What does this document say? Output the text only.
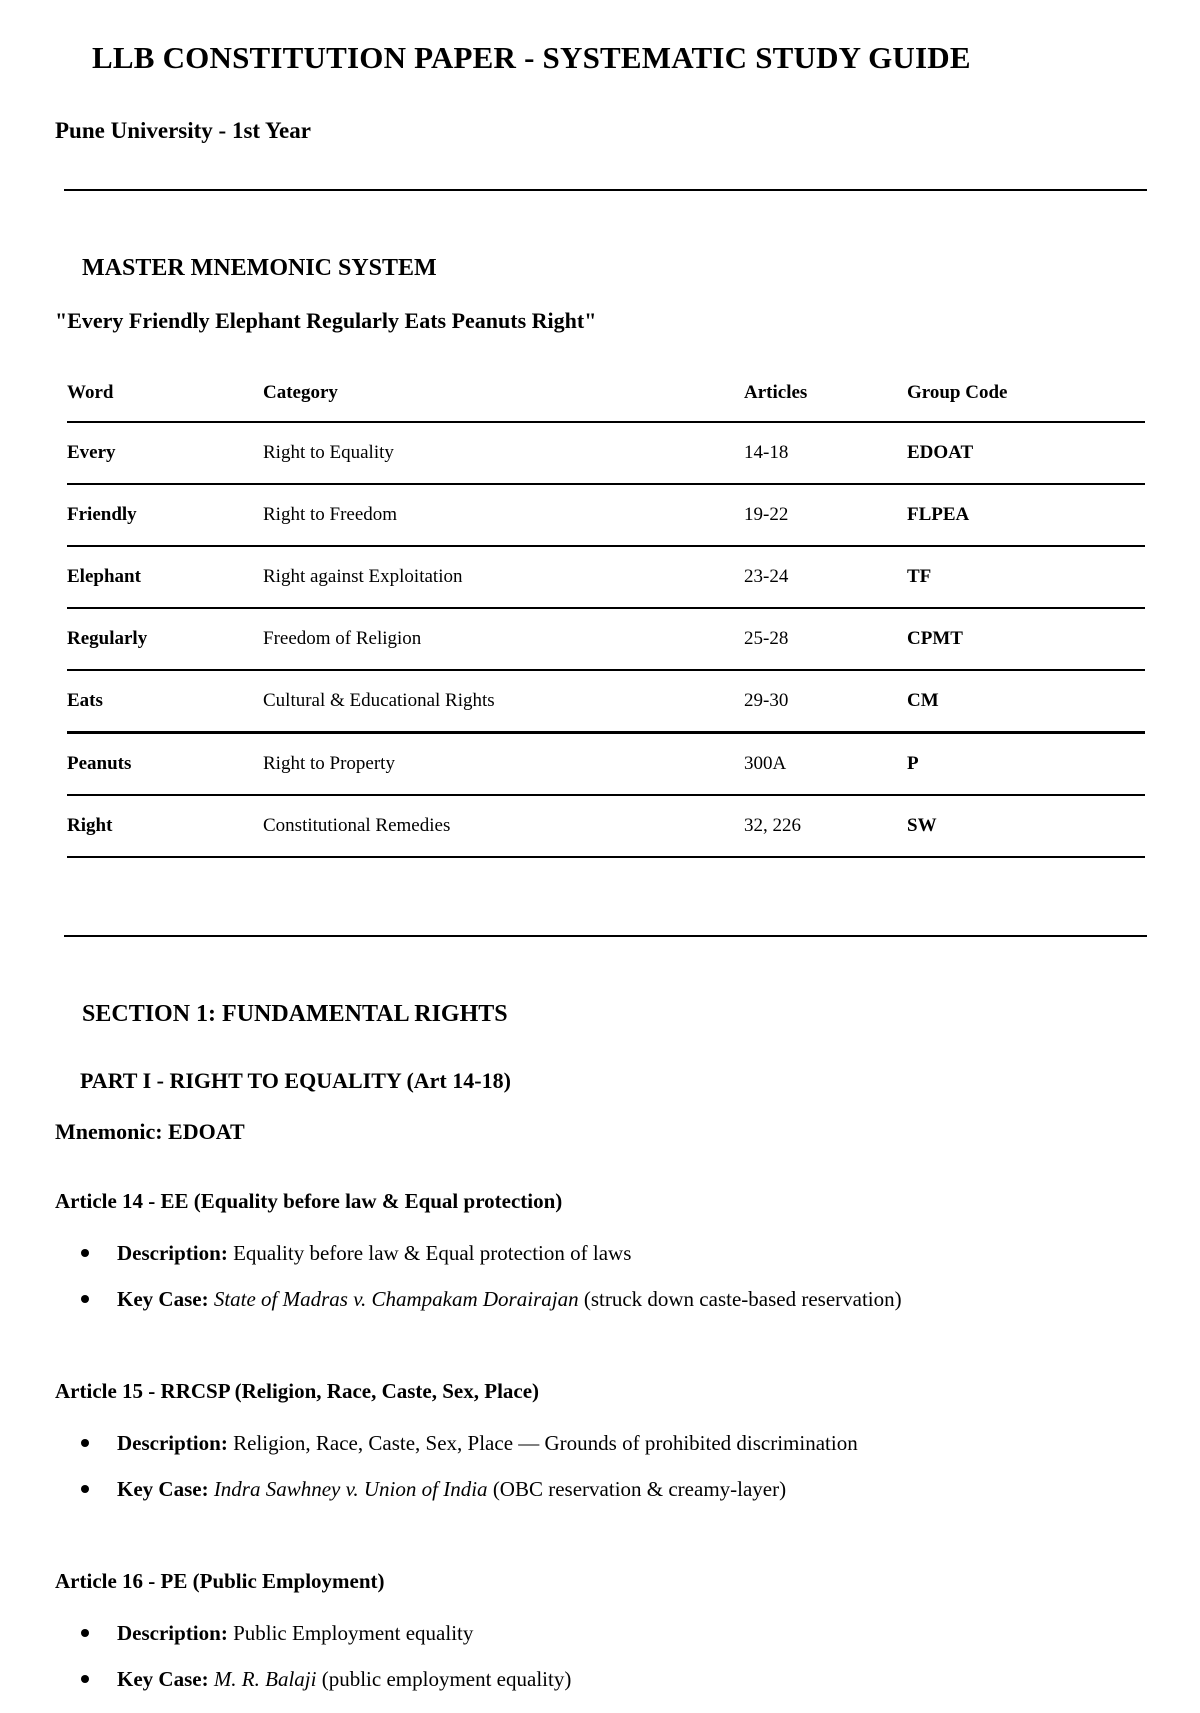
LLB CONSTITUTION PAPER - SYSTEMATIC STUDY GUIDE
Pune University - 1st Year
MASTER MNEMONIC SYSTEM
"Every Friendly Elephant Regularly Eats Peanuts Right"
Word	Category	Articles	Group Code
Every	Right to Equality	14-18	EDOAT
Friendly	Right to Freedom	19-22	FLPEA
Elephant	Right against Exploitation	23-24	TF
Regularly	Freedom of Religion	25-28	CPMT
Eats	Cultural & Educational Rights	29-30	CM
Peanuts	Right to Property	300A	P
Right	Constitutional Remedies	32, 226	SW
SECTION 1: FUNDAMENTAL RIGHTS
PART I - RIGHT TO EQUALITY (Art 14-18)
Mnemonic: EDOAT
Article 14 - EE (Equality before law & Equal protection)
Description: Equality before law & Equal protection of laws
Key Case: State of Madras v. Champakam Dorairajan (struck down caste-based reservation)
Article 15 - RRCSP (Religion, Race, Caste, Sex, Place)
Description: Religion, Race, Caste, Sex, Place — Grounds of prohibited discrimination
Key Case: Indra Sawhney v. Union of India (OBC reservation & creamy-layer)
Article 16 - PE (Public Employment)
Description: Public Employment equality
Key Case: M. R. Balaji (public employment equality)
